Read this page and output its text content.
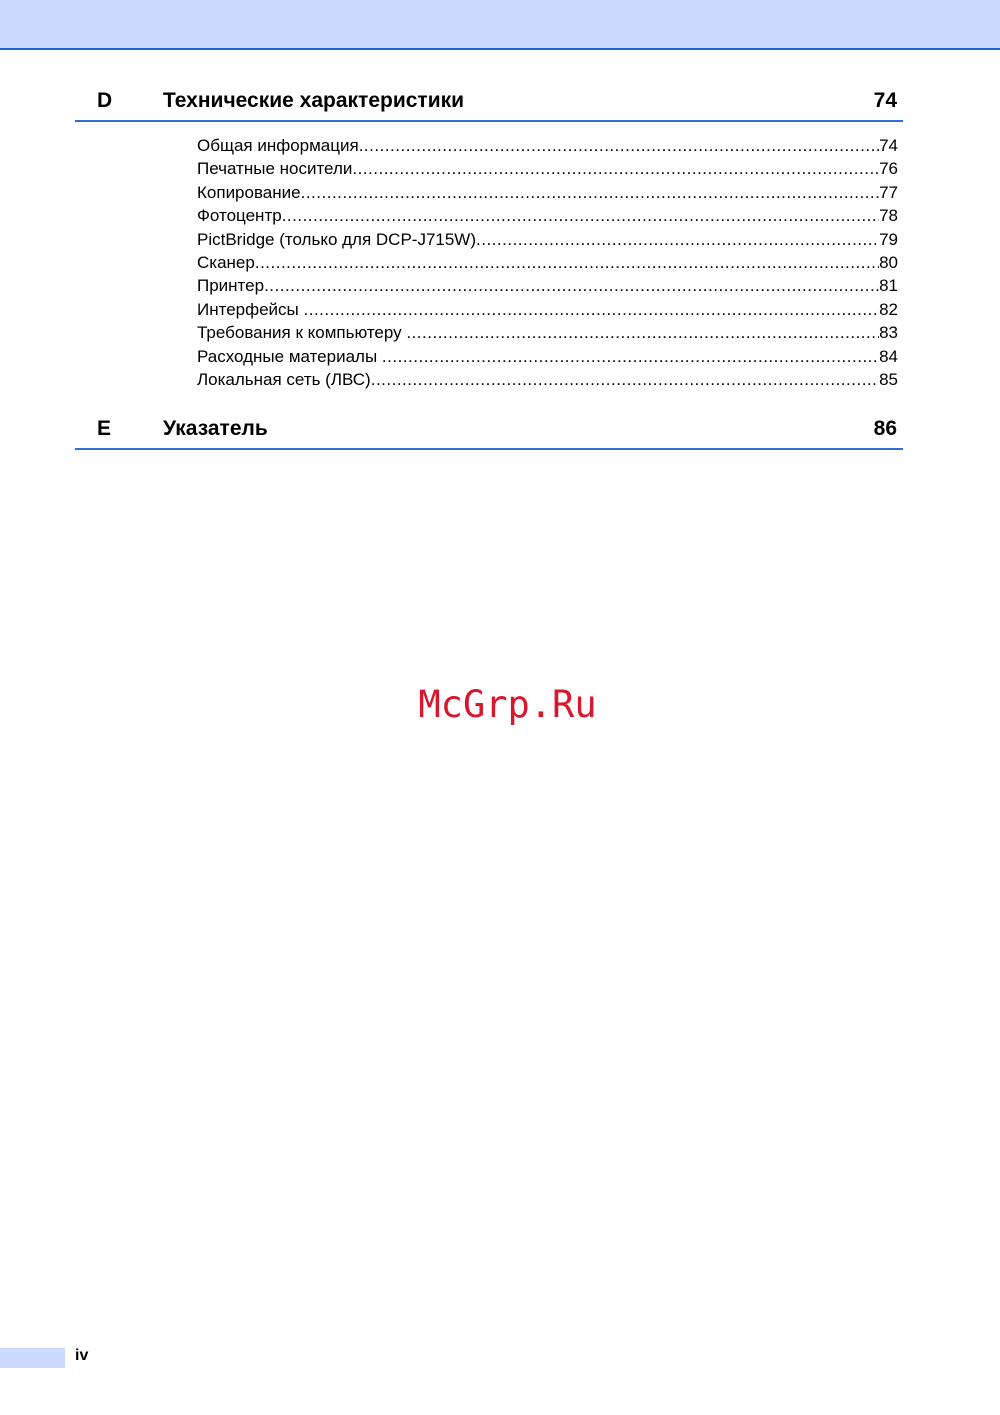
D Технические характеристики	74
Общая информация .....	74
Печатные носители .....	76
Копирование .....	77
Фотоцентр .....	78
PictBridge (только для DCP-J715W) .....	79
Сканер .....	80
Принтер .....	81
Интерфейсы .....	82
Требования к компьютеру .....	83
Расходные материалы .....	84
Локальная сеть (ЛВС) .....	85
E Указатель	86
McGrp.Ru
iv
